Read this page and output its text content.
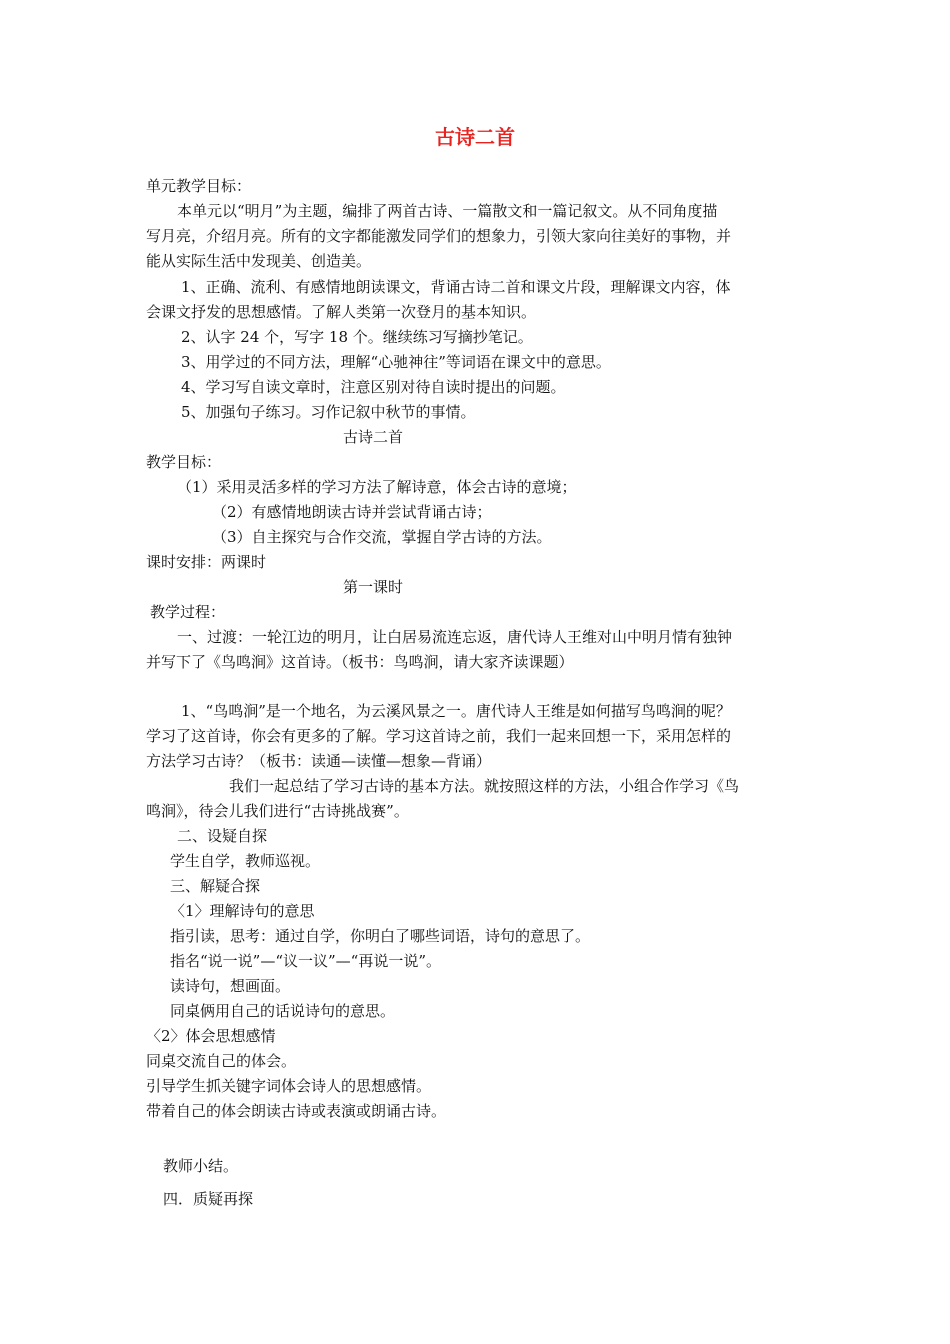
古诗二首
单元教学目标：
本单元以“明月”为主题，编排了两首古诗、一篇散文和一篇记叙文。从不同角度描
写月亮，介绍月亮。所有的文字都能激发同学们的想象力，引领大家向往美好的事物，并
能从实际生活中发现美、创造美。
1、正确、流利、有感情地朗读课文，背诵古诗二首和课文片段，理解课文内容，体
会课文抒发的思想感情。了解人类第一次登月的基本知识。
2、认字 24 个，写字 18 个。继续练习写摘抄笔记。
3、用学过的不同方法，理解“心驰神往”等词语在课文中的意思。
4、学习写自读文章时，注意区别对待自读时提出的问题。
5、加强句子练习。习作记叙中秋节的事情。
古诗二首
教学目标：
（1）采用灵活多样的学习方法了解诗意，体会古诗的意境；
（2）有感情地朗读古诗并尝试背诵古诗；
（3）自主探究与合作交流，掌握自学古诗的方法。
课时安排：两课时
第一课时
教学过程：
一、过渡：一轮江边的明月，让白居易流连忘返，唐代诗人王维对山中明月情有独钟
并写下了《鸟鸣涧》这首诗。（板书：鸟鸣涧，请大家齐读课题）
1、“鸟鸣涧”是一个地名，为云溪风景之一。唐代诗人王维是如何描写鸟鸣涧的呢？
学习了这首诗，你会有更多的了解。学习这首诗之前，我们一起来回想一下，采用怎样的
方法学习古诗？（板书：读通—读懂—想象—背诵）
我们一起总结了学习古诗的基本方法。就按照这样的方法，小组合作学习《鸟
鸣涧》，待会儿我们进行“古诗挑战赛”。
二、设疑自探
学生自学，教师巡视。
三、解疑合探
〈1〉理解诗句的意思
指引读，思考：通过自学，你明白了哪些词语，诗句的意思了。
指名“说一说”—“议一议”—“再说一说”。
读诗句，想画面。
同桌俩用自己的话说诗句的意思。
〈2〉体会思想感情
同桌交流自己的体会。
引导学生抓关键字词体会诗人的思想感情。
带着自己的体会朗读古诗或表演或朗诵古诗。
教师小结。
四．质疑再探
